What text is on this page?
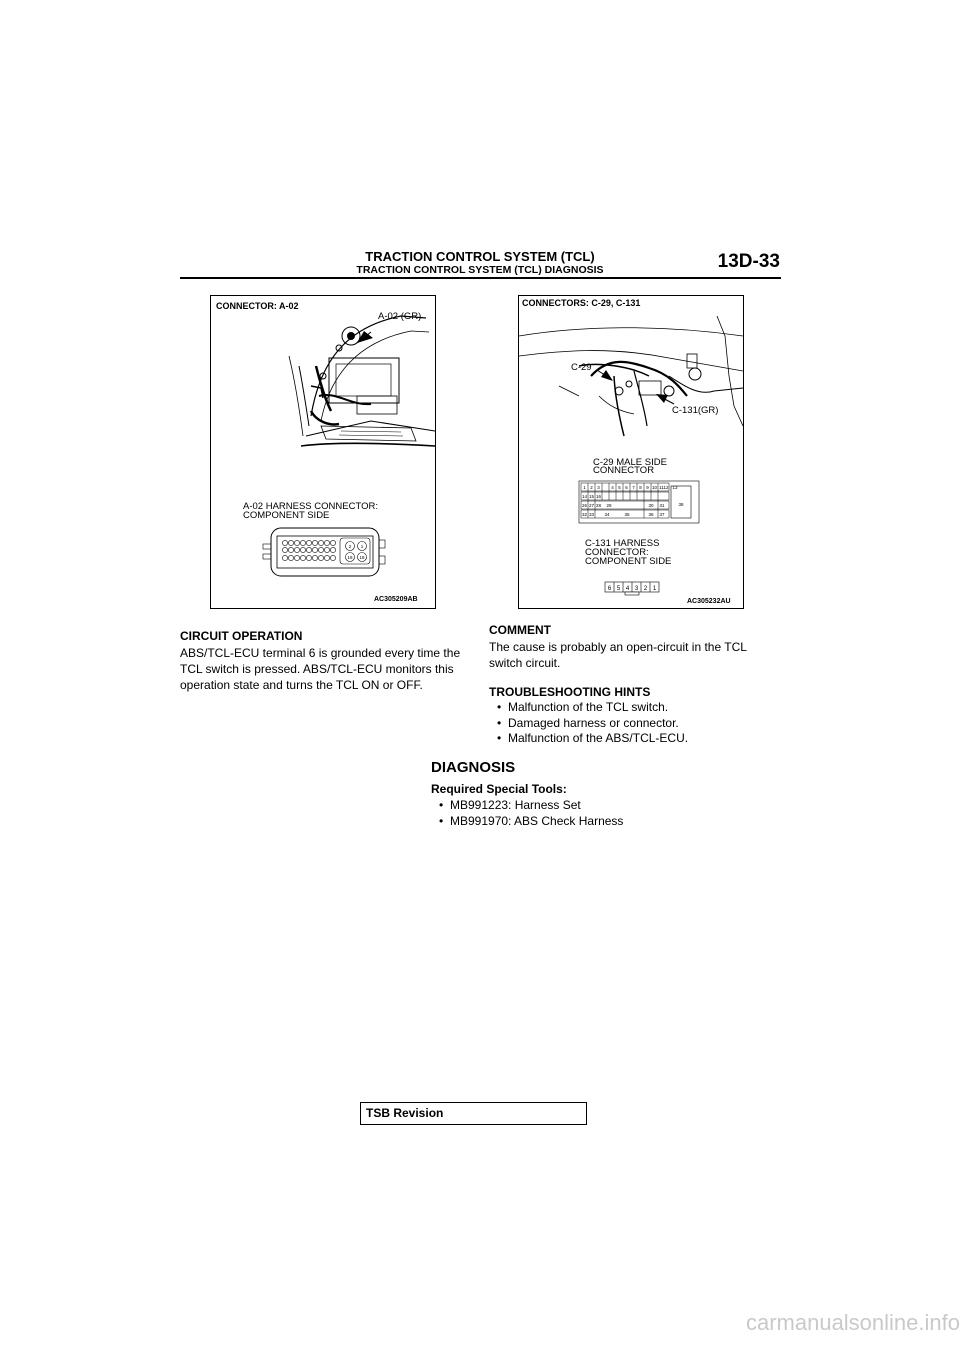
TRACTION CONTROL SYSTEM (TCL)
TRACTION CONTROL SYSTEM (TCL) DIAGNOSIS	13D-33
2 1
19 18
CONNECTOR: A-02
A-02 (GR)
A-02 HARNESS CONNECTOR:
COMPONENT SIDE
AC305209AB
1 2 3	4 5 6 7 8 9 10 11 12 13
14 15 16
26 27 28 29	30 31
32 33 34	35	36 37
38
6 5 4 3 2 1
CONNECTORS: C-29, C-131
C-29
C-131(GR)
C-29 MALE SIDE
CONNECTOR
C-131 HARNESS
CONNECTOR:
COMPONENT SIDE
AC305232AU
CIRCUIT OPERATION
ABS/TCL-ECU terminal 6 is grounded every time the
TCL switch is pressed. ABS/TCL-ECU monitors this
operation state and turns the TCL ON or OFF.
COMMENT
The cause is probably an open-circuit in the TCL
switch circuit.
TROUBLESHOOTING HINTS
• Malfunction of the TCL switch.
• Damaged harness or connector.
• Malfunction of the ABS/TCL-ECU.
DIAGNOSIS
Required Special Tools:
• MB991223: Harness Set
• MB991970: ABS Check Harness
TSB Revision
carmanualsonline.info
